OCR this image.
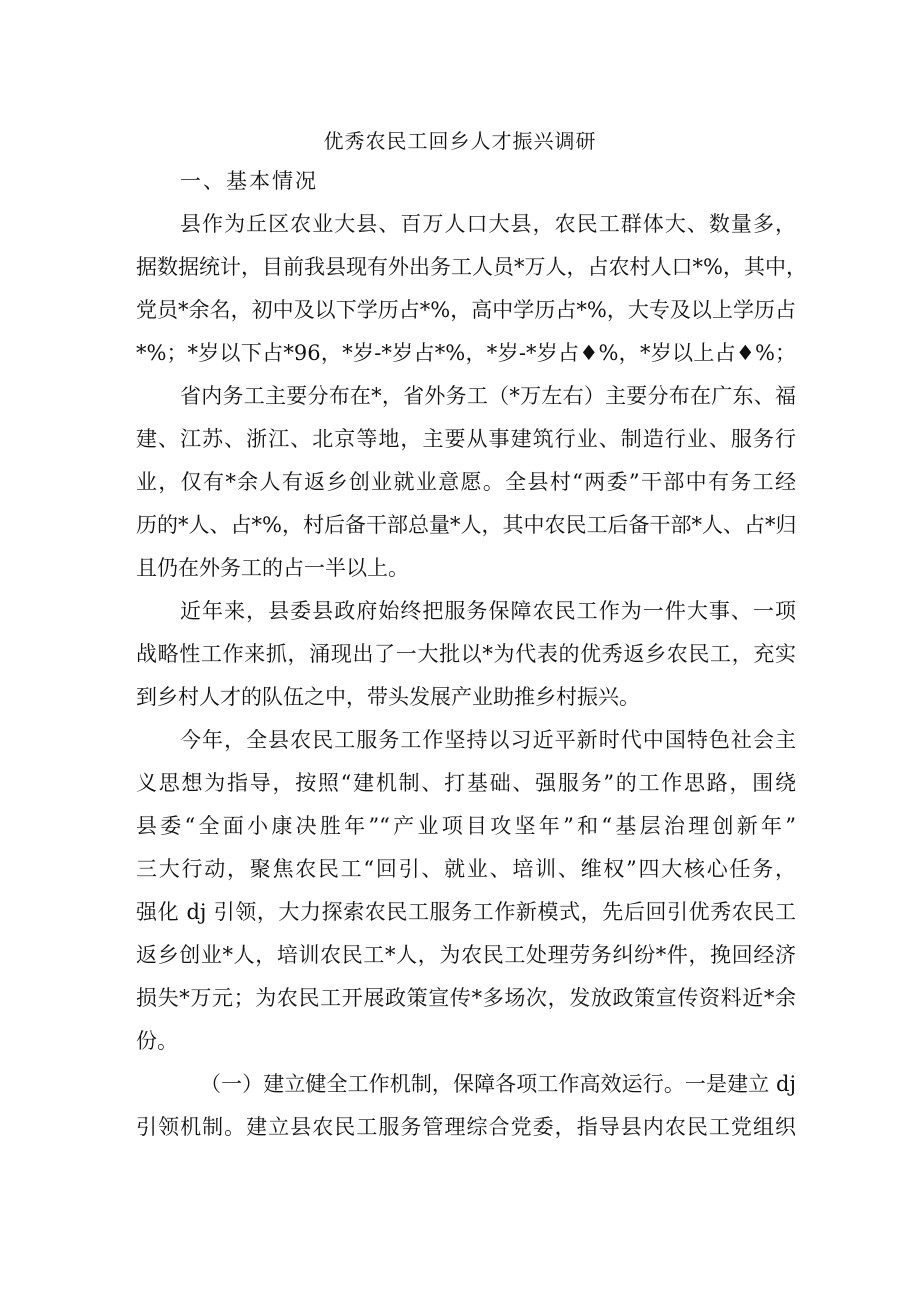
优秀农民工回乡人才振兴调研
一、基本情况
县作为丘区农业大县、百万人口大县，农民工群体大、数量多，
据数据统计，目前我县现有外出务工人员*万人，占农村人口*%，其中，
党员*余名，初中及以下学历占*%，高中学历占*%，大专及以上学历占
*%；*岁以下占*96，*岁-*岁占*%，*岁-*岁占♦%，*岁以上占♦%；
省内务工主要分布在*，省外务工（*万左右）主要分布在广东、福
建、江苏、浙江、北京等地，主要从事建筑行业、制造行业、服务行
业，仅有*余人有返乡创业就业意愿。全县村“两委”干部中有务工经
历的*人、占*%，村后备干部总量*人，其中农民工后备干部*人、占*归
且仍在外务工的占一半以上。
近年来，县委县政府始终把服务保障农民工作为一件大事、一项
战略性工作来抓，涌现出了一大批以*为代表的优秀返乡农民工，充实
到乡村人才的队伍之中，带头发展产业助推乡村振兴。
今年，全县农民工服务工作坚持以习近平新时代中国特色社会主
义思想为指导，按照“建机制、打基础、强服务”的工作思路，围绕
县委“全面小康决胜年”“产业项目攻坚年”和“基层治理创新年”
三大行动，聚焦农民工“回引、就业、培训、维权”四大核心任务，
强化 dj 引领，大力探索农民工服务工作新模式，先后回引优秀农民工
返乡创业*人，培训农民工*人，为农民工处理劳务纠纷*件，挽回经济
损失*万元；为农民工开展政策宣传*多场次，发放政策宣传资料近*余
份。
（一）建立健全工作机制，保障各项工作高效运行。一是建立 dj
引领机制。建立县农民工服务管理综合党委，指导县内农民工党组织
